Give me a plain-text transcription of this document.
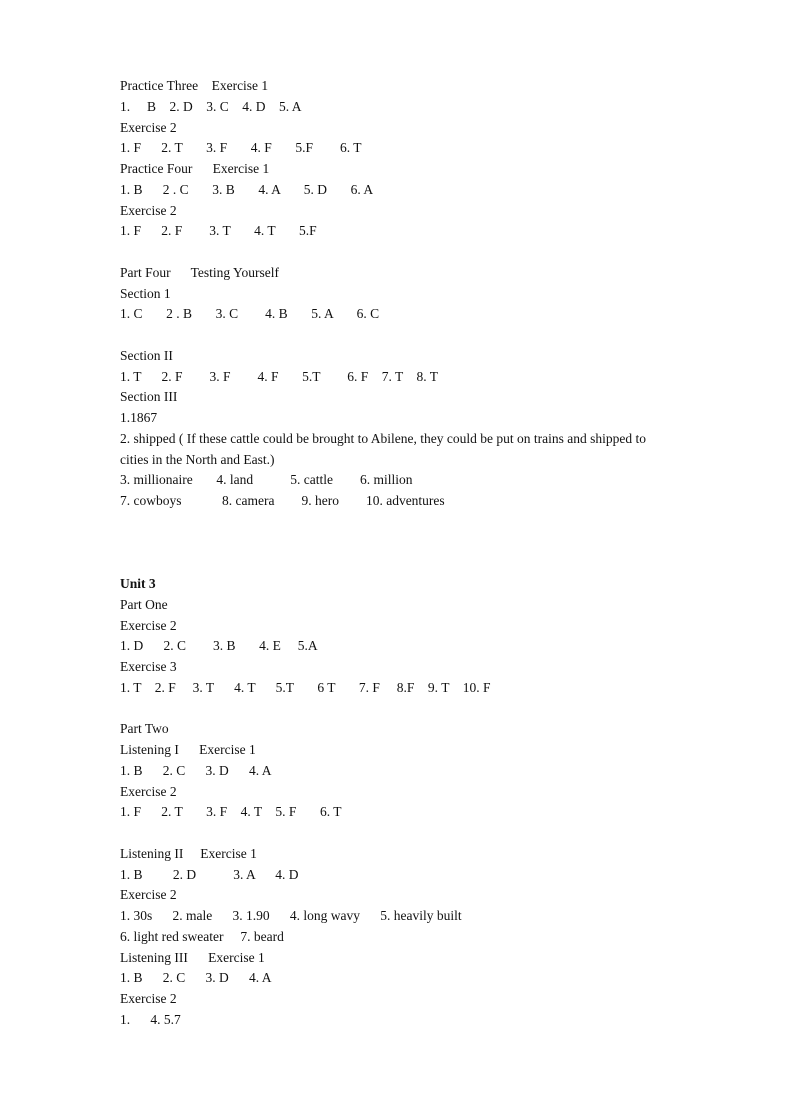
Practice Three    Exercise 1
1.     B    2. D    3. C    4. D    5. A
Exercise 2
1. F      2. T       3. F       4. F       5.F        6. T
Practice Four      Exercise 1
1. B      2 . C       3. B       4. A       5. D       6. A
Exercise 2
1. F      2. F        3. T       4. T       5.F
Part Four      Testing Yourself
Section 1
1. C       2 . B       3. C        4. B       5. A       6. C
Section II
1. T      2. F        3. F        4. F       5.T        6. F    7. T    8. T
Section III
1.1867
2. shipped ( If these cattle could be brought to Abilene, they could be put on trains and shipped to
cities in the North and East.)
3. millionaire       4. land           5. cattle        6. million
7. cowboys            8. camera        9. hero        10. adventures
Unit 3
Part One
Exercise 2
1. D      2. C        3. B       4. E     5.A
Exercise 3
1. T    2. F     3. T      4. T      5.T       6 T       7. F     8.F    9. T    10. F
Part Two
Listening I      Exercise 1
1. B      2. C      3. D      4. A
Exercise 2
1. F      2. T       3. F    4. T    5. F       6. T
Listening II     Exercise 1
1. B         2. D           3. A      4. D
Exercise 2
1. 30s      2. male      3. 1.90      4. long wavy      5. heavily built
6. light red sweater     7. beard
Listening III      Exercise 1
1. B      2. C      3. D      4. A
Exercise 2
1.      4. 5.7
